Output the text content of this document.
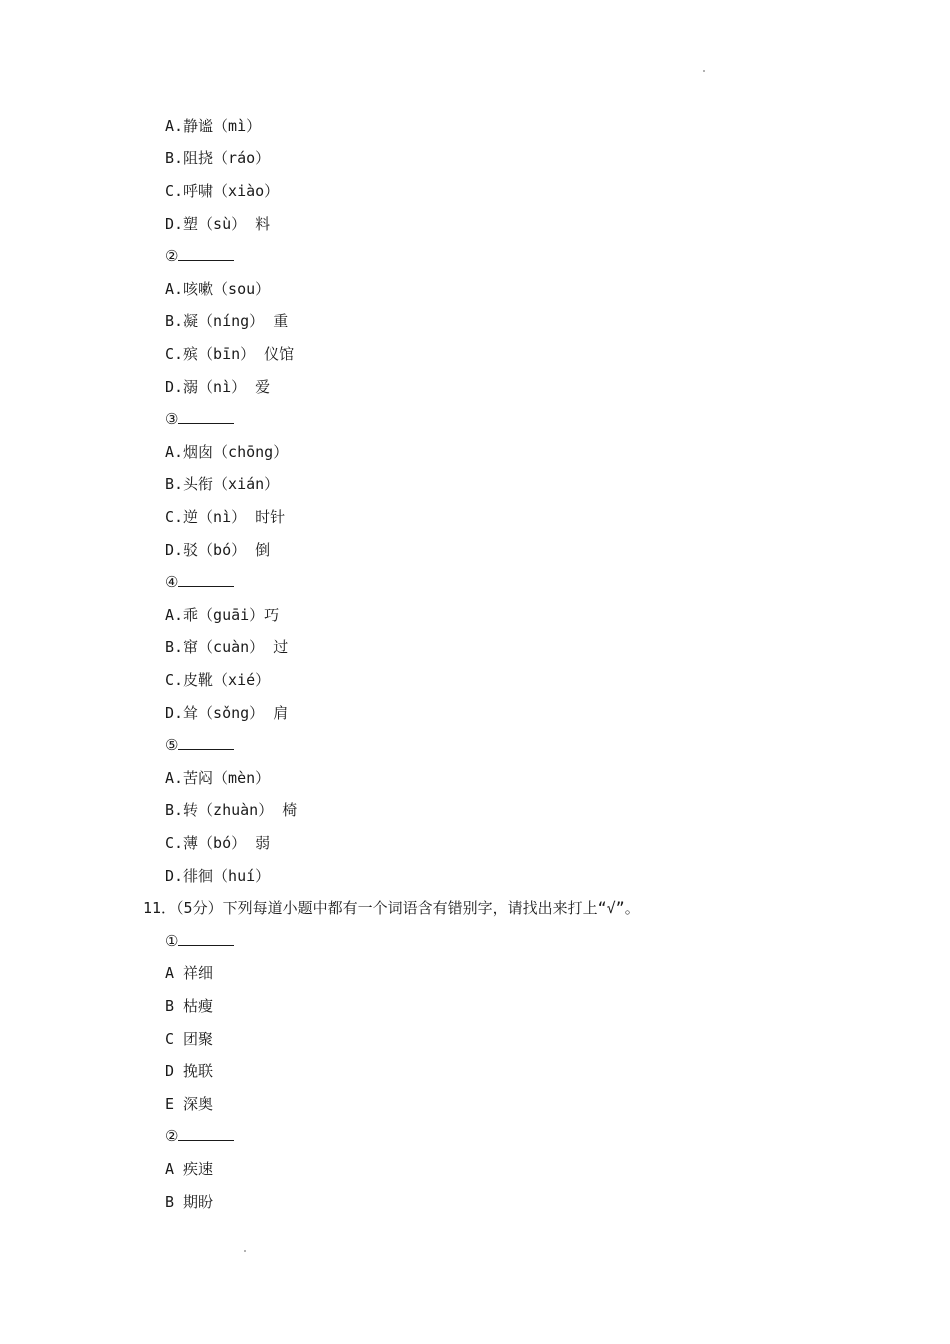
A.静谧（mì）
B.阻挠（ráo）
C.呼啸（xiào）
D.塑（sù） 料
②
A.咳嗽（sou）
B.凝（níng） 重
C.殡（bīn） 仪馆
D.溺（nì） 爱
③
A.烟囱（chōng）
B.头衔（xián）
C.逆（nì） 时针
D.驳（bó） 倒
④
A.乖（guāi）巧
B.窜（cuàn） 过
C.皮靴（xié）
D.耸（sǒng） 肩
⑤
A.苦闷（mèn）
B.转（zhuàn） 椅
C.薄（bó） 弱
D.徘徊（huí）
11．（5分）下列每道小题中都有一个词语含有错别字，请找出来打上“√”。
①
A 祥细
B 枯瘦
C 团聚
D 挽联
E 深奥
②
A 疾速
B 期盼
